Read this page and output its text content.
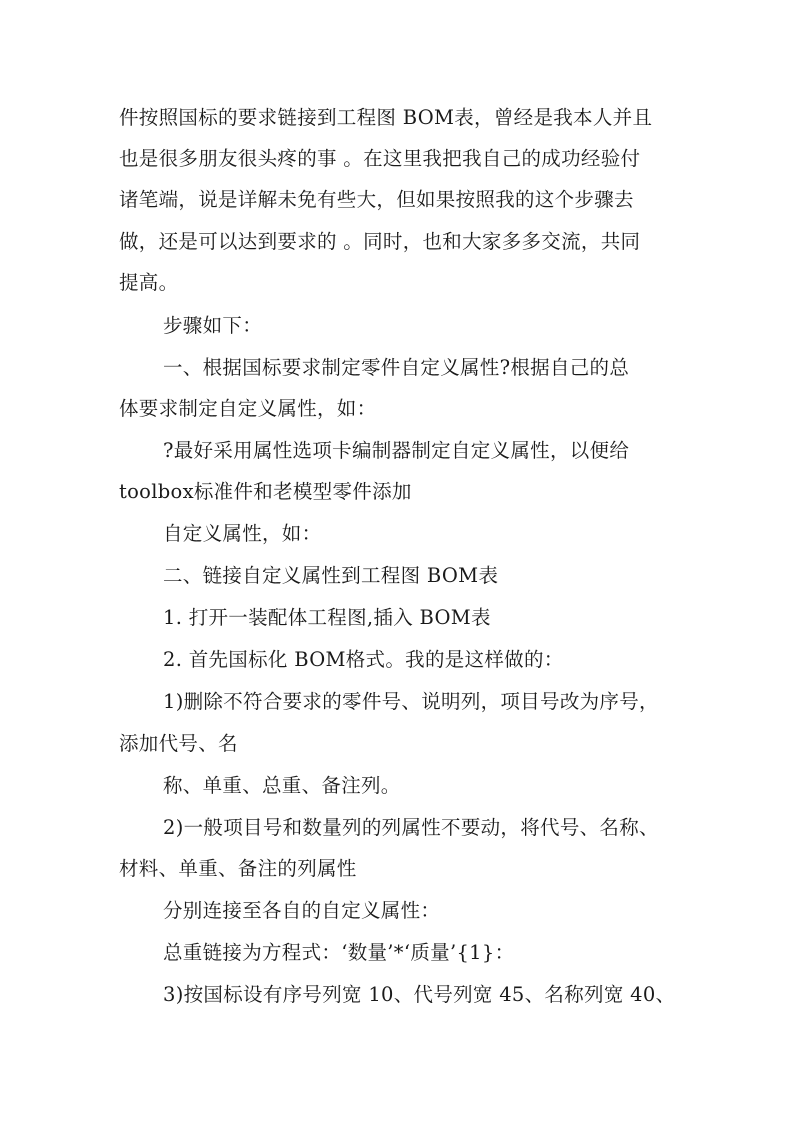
件按照国标的要求链接到工程图 BOM表，曾经是我本人并且
也是很多朋友很头疼的事 。在这里我把我自己的成功经验付
诸笔端，说是详解未免有些大，但如果按照我的这个步骤去
做，还是可以达到要求的 。同时，也和大家多多交流，共同
提高。
步骤如下：
一、根据国标要求制定零件自定义属性?根据自己的总
体要求制定自定义属性，如：
?最好采用属性选项卡编制器制定自定义属性，以便给
toolbox标准件和老模型零件添加
自定义属性，如：
二、链接自定义属性到工程图 BOM表
1. 打开一装配体工程图,插入 BOM表
2. 首先国标化 BOM格式。我的是这样做的：
1)删除不符合要求的零件号、说明列，项目号改为序号，
添加代号、名
称、单重、总重、备注列。
2)一般项目号和数量列的列属性不要动，将代号、名称、
材料、单重、备注的列属性
分别连接至各自的自定义属性：
总重链接为方程式：‘数量’*‘质量’{1}：
3)按国标设有序号列宽 10、代号列宽 45、名称列宽 40、
